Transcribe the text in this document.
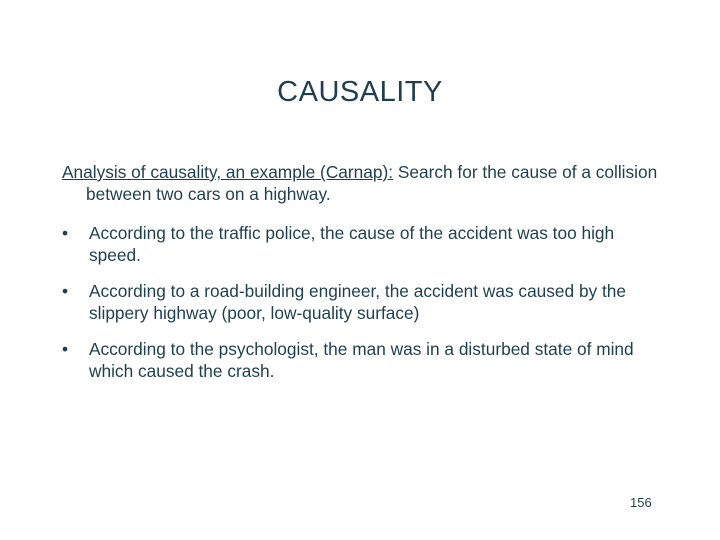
CAUSALITY

Analysis of causality, an example (Carnap): Search for the cause of a collision between two cars on a highway.

•	According to the traffic police, the cause of the accident was too high speed.
•	According to a road-building engineer, the accident was caused by the slippery highway (poor, low-quality surface)
•	According to the psychologist, the man was in a disturbed state of mind which caused the crash.
156
